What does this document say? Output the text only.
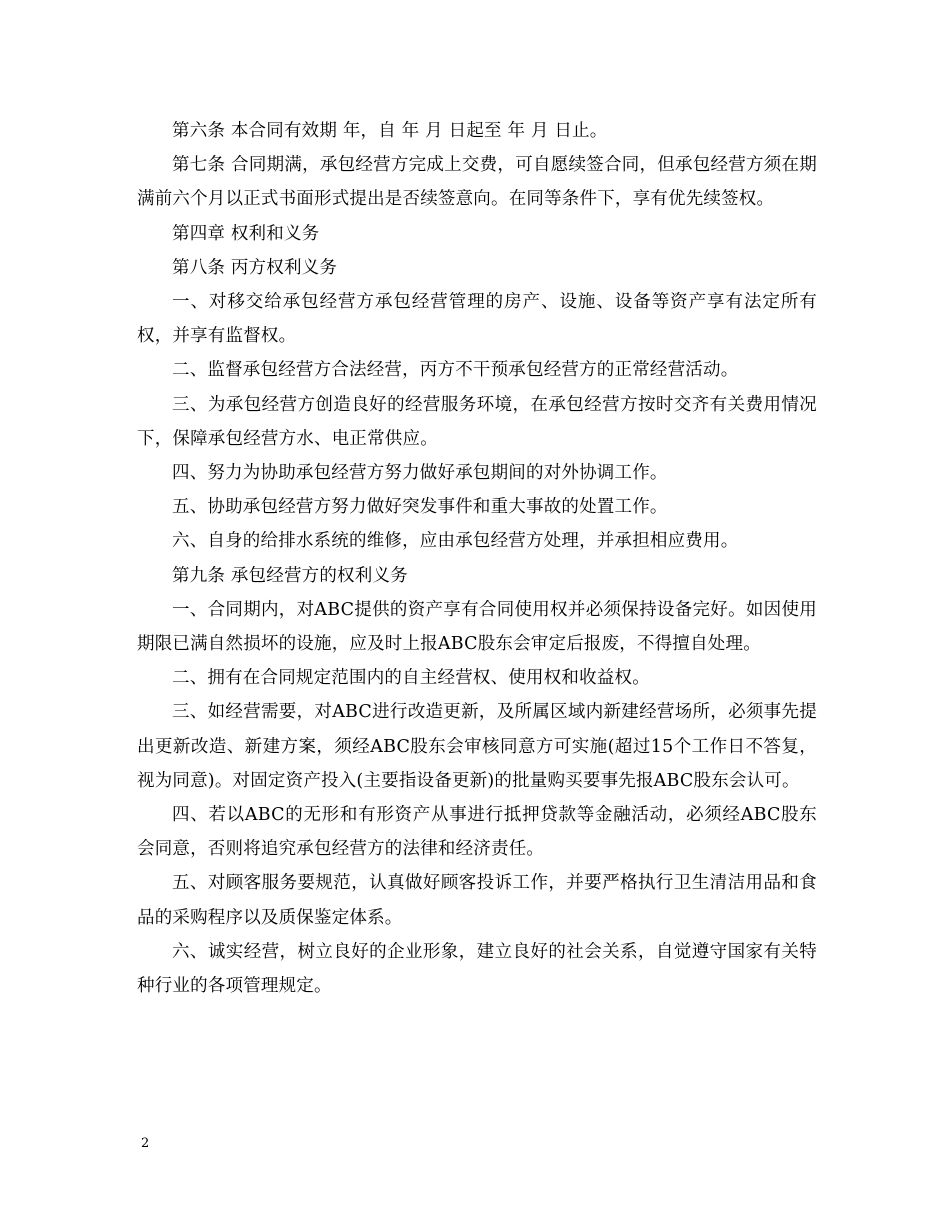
第六条 本合同有效期 年，自 年 月 日起至 年 月 日止。

第七条 合同期满，承包经营方完成上交费，可自愿续签合同，但承包经营方须在期满前六个月以正式书面形式提出是否续签意向。在同等条件下，享有优先续签权。

第四章 权利和义务

第八条 丙方权利义务

一、对移交给承包经营方承包经营管理的房产、设施、设备等资产享有法定所有权，并享有监督权。

二、监督承包经营方合法经营，丙方不干预承包经营方的正常经营活动。

三、为承包经营方创造良好的经营服务环境，在承包经营方按时交齐有关费用情况下，保障承包经营方水、电正常供应。

四、努力为协助承包经营方努力做好承包期间的对外协调工作。

五、协助承包经营方努力做好突发事件和重大事故的处置工作。

六、自身的给排水系统的维修，应由承包经营方处理，并承担相应费用。

第九条 承包经营方的权利义务

一、合同期内，对ABC提供的资产享有合同使用权并必须保持设备完好。如因使用期限已满自然损坏的设施，应及时上报ABC股东会审定后报废，不得擅自处理。

二、拥有在合同规定范围内的自主经营权、使用权和收益权。

三、如经营需要，对ABC进行改造更新，及所属区域内新建经营场所，必须事先提出更新改造、新建方案，须经ABC股东会审核同意方可实施(超过15个工作日不答复，视为同意)。对固定资产投入(主要指设备更新)的批量购买要事先报ABC股东会认可。

四、若以ABC的无形和有形资产从事进行抵押贷款等金融活动，必须经ABC股东会同意，否则将追究承包经营方的法律和经济责任。

五、对顾客服务要规范，认真做好顾客投诉工作，并要严格执行卫生清洁用品和食品的采购程序以及质保鉴定体系。

六、诚实经营，树立良好的企业形象，建立良好的社会关系，自觉遵守国家有关特种行业的各项管理规定。

2
